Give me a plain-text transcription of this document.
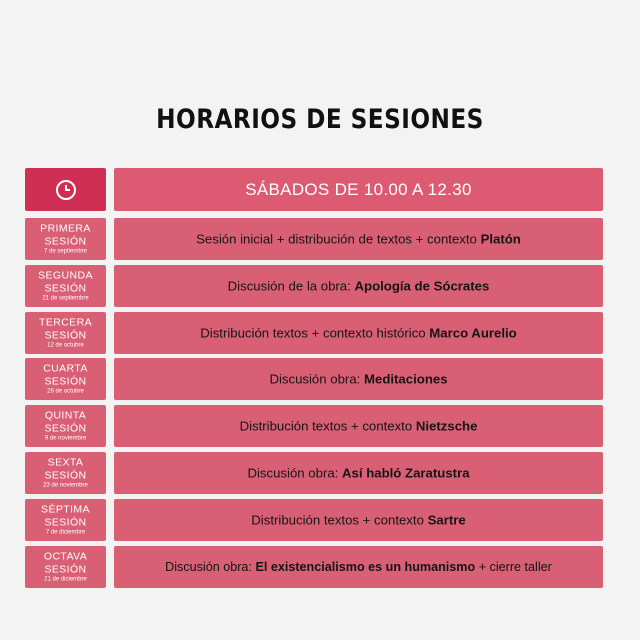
HORARIOS DE SESIONES
SÁBADOS DE 10.00 A 12.30
PRIMERA
SESIÓN
7 de septiembre
Sesión inicial + distribución de textos + contexto Platón
SEGUNDA
SESIÓN
21 de septiembre
Discusión de la obra: Apología de Sócrates
TERCERA
SESIÓN
12 de octubre
Distribución textos + contexto histórico Marco Aurelio
CUARTA
SESIÓN
26 de octubre
Discusión obra: Meditaciones
QUINTA
SESIÓN
9 de noviembre
Distribución textos + contexto Nietzsche
SEXTA
SESIÓN
23 de noviembre
Discusión obra: Así habló Zaratustra
SÉPTIMA
SESIÓN
7 de diciembre
Distribución textos + contexto Sartre
OCTAVA
SESIÓN
21 de diciembre
Discusión obra: El existencialismo es un humanismo + cierre taller
